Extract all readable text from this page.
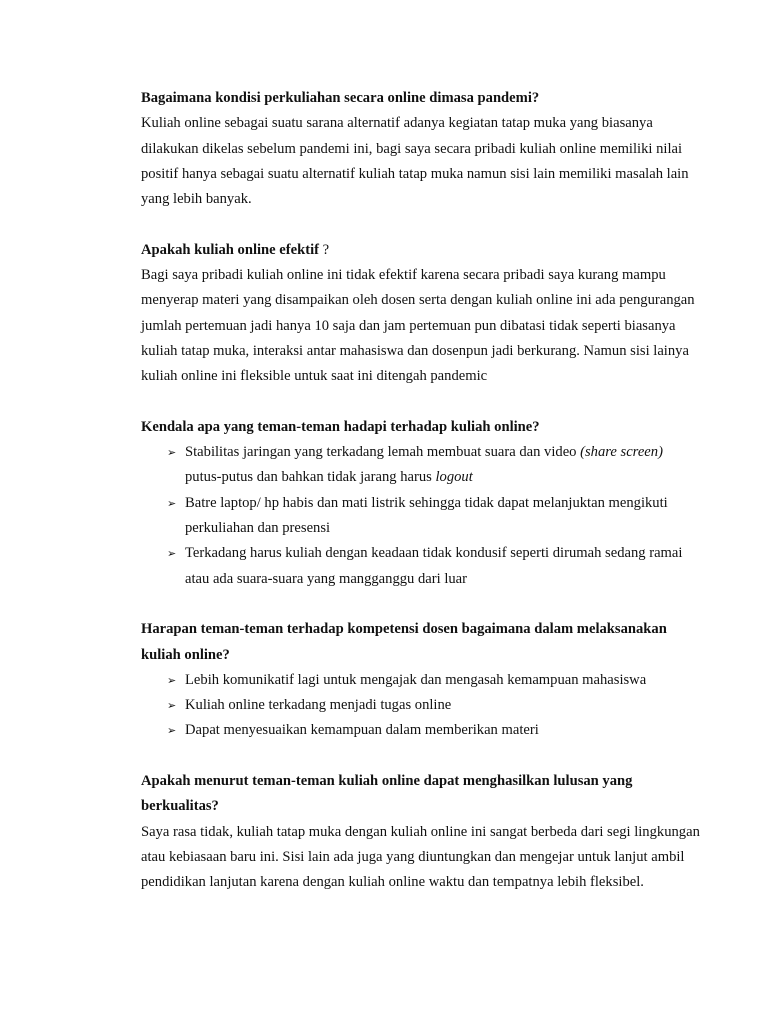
Bagaimana kondisi perkuliahan secara online dimasa pandemi?

Kuliah online sebagai suatu sarana alternatif adanya kegiatan tatap muka yang biasanya dilakukan dikelas sebelum pandemi ini, bagi saya secara pribadi kuliah online memiliki nilai positif hanya sebagai suatu alternatif kuliah tatap muka namun sisi lain memiliki masalah lain yang lebih banyak.

Apakah kuliah online efektif ?

Bagi saya pribadi kuliah online ini tidak efektif karena secara pribadi saya kurang mampu menyerap materi yang disampaikan oleh dosen serta dengan kuliah online ini ada pengurangan jumlah pertemuan jadi hanya 10 saja dan jam pertemuan pun dibatasi tidak seperti biasanya kuliah tatap muka, interaksi antar mahasiswa dan dosenpun jadi berkurang. Namun sisi lainya kuliah online ini fleksible untuk saat ini ditengah pandemic

Kendala apa yang teman-teman hadapi terhadap kuliah online?

➢ Stabilitas jaringan yang terkadang lemah membuat suara dan video (share screen) putus-putus dan bahkan tidak jarang harus logout
➢ Batre laptop/ hp habis dan mati listrik sehingga tidak dapat melanjuktan mengikuti perkuliahan dan presensi
➢ Terkadang harus kuliah dengan keadaan tidak kondusif seperti dirumah sedang ramai atau ada suara-suara yang mangganggu dari luar

Harapan teman-teman terhadap kompetensi dosen bagaimana dalam melaksanakan kuliah online?

➢ Lebih komunikatif lagi untuk mengajak dan mengasah kemampuan mahasiswa
➢ Kuliah online terkadang menjadi tugas online
➢ Dapat menyesuaikan kemampuan dalam memberikan materi

Apakah menurut teman-teman kuliah online dapat menghasilkan lulusan yang berkualitas?

Saya rasa tidak, kuliah tatap muka dengan kuliah online ini sangat berbeda dari segi lingkungan atau kebiasaan baru ini. Sisi lain ada juga yang diuntungkan dan mengejar untuk lanjut ambil pendidikan lanjutan karena dengan kuliah online waktu dan tempatnya lebih fleksibel.
